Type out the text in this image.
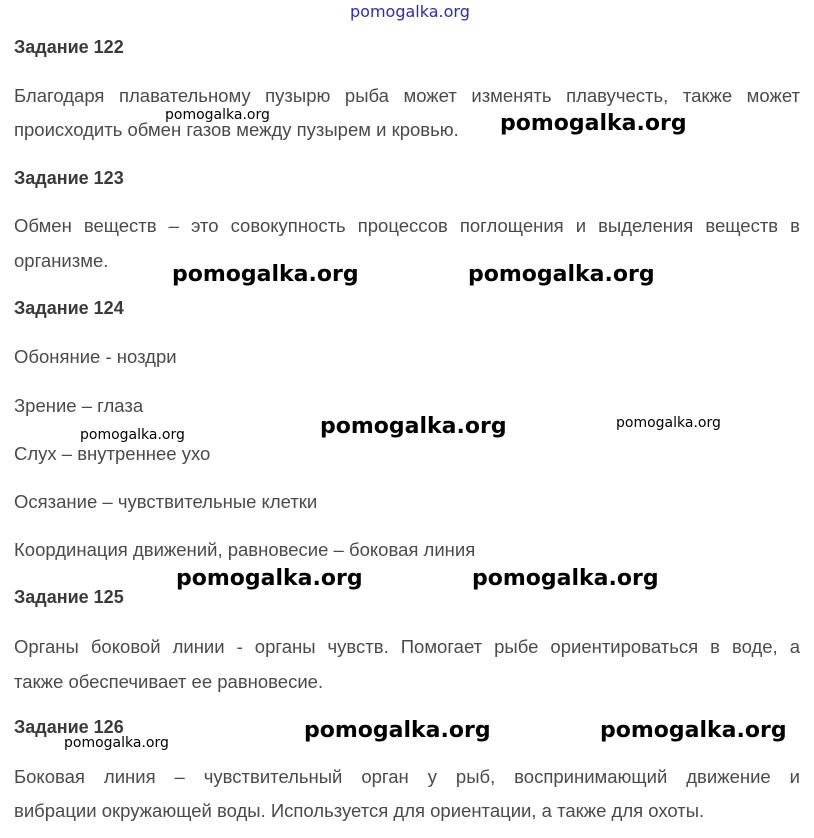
pomogalka.org
Задание 122
Благодаря плавательному пузырю рыба может изменять плавучесть, также может
происходить обмен газов между пузырем и кровью.
Задание 123
Обмен веществ – это совокупность процессов поглощения и выделения веществ в
организме.
Задание 124
Обоняние - ноздри
Зрение – глаза
Слух – внутреннее ухо
Осязание – чувствительные клетки
Координация движений, равновесие – боковая линия
Задание 125
Органы боковой линии - органы чувств. Помогает рыбе ориентироваться в воде, а
также обеспечивает ее равновесие.
Задание 126
Боковая линия – чувствительный орган у рыб, воспринимающий движение и
вибрации окружающей воды. Используется для ориентации, а также для охоты.
pomogalka.org	pomogalka.org
pomogalka.org	pomogalka.org
pomogalka.org	pomogalka.org
pomogalka.org
pomogalka.org	pomogalka.org
pomogalka.org	pomogalka.org
pomogalka.org
